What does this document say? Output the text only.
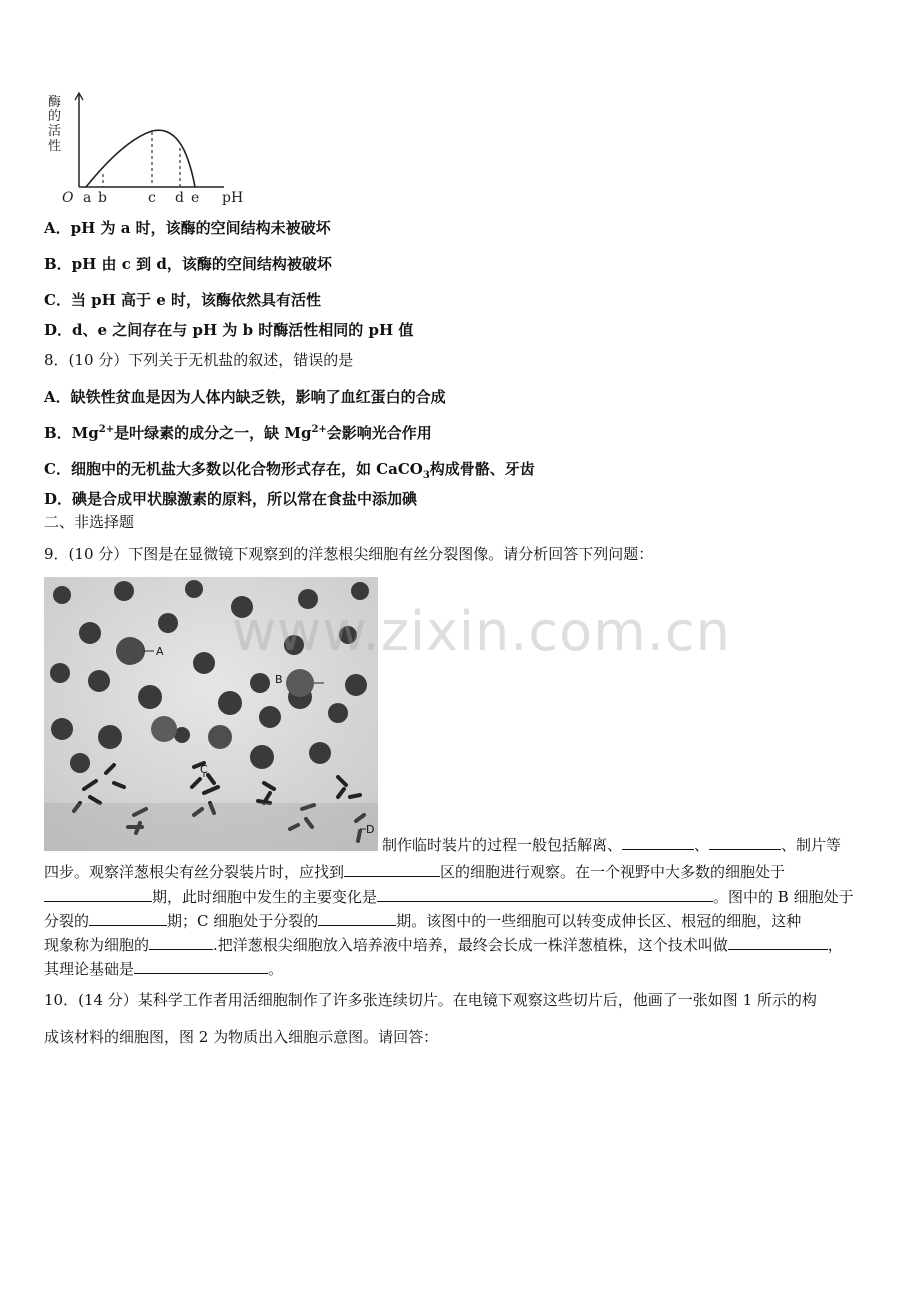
酶
的
活
性
O a b	c d e pH
A．pH 为 a 时，该酶的空间结构未被破坏
B．pH 由 c 到 d，该酶的空间结构被破坏
C．当 pH 高于 e 时，该酶依然具有活性
D．d、e 之间存在与 pH 为 b 时酶活性相同的 pH 值
8．(10 分）下列关于无机盐的叙述，错误的是
A．缺铁性贫血是因为人体内缺乏铁，影响了血红蛋白的合成
B．$Mg^{2+}$是叶绿素的成分之一，缺 $Mg^{2+}$会影响光合作用
C．细胞中的无机盐大多数以化合物形式存在，如 CaCO$_3$构成骨骼、牙齿
D．碘是合成甲状腺激素的原料，所以常在食盐中添加碘
二、非选择题
9．(10 分）下图是在显微镜下观察到的洋葱根尖细胞有丝分裂图像。请分析回答下列问题：
A
B
C
D
制作临时装片的过程一般包括解离、	、	、制片等
四步。观察洋葱根尖有丝分裂装片时，应找到	区的细胞进行观察。在一个视野中大多数的细胞处于
期，此时细胞中发生的主要变化是	。图中的 B 细胞处于
分裂的	期；C 细胞处于分裂的	期。该图中的一些细胞可以转变成伸长区、根冠的细胞，这种
现象称为细胞的	.把洋葱根尖细胞放入培养液中培养，最终会长成一株洋葱植株，这个技术叫做	，
其理论基础是	。
10．(14 分）某科学工作者用活细胞制作了许多张连续切片。在电镜下观察这些切片后，他画了一张如图 1 所示的构
成该材料的细胞图，图 2 为物质出入细胞示意图。请回答：
www.zixin.com.cn
